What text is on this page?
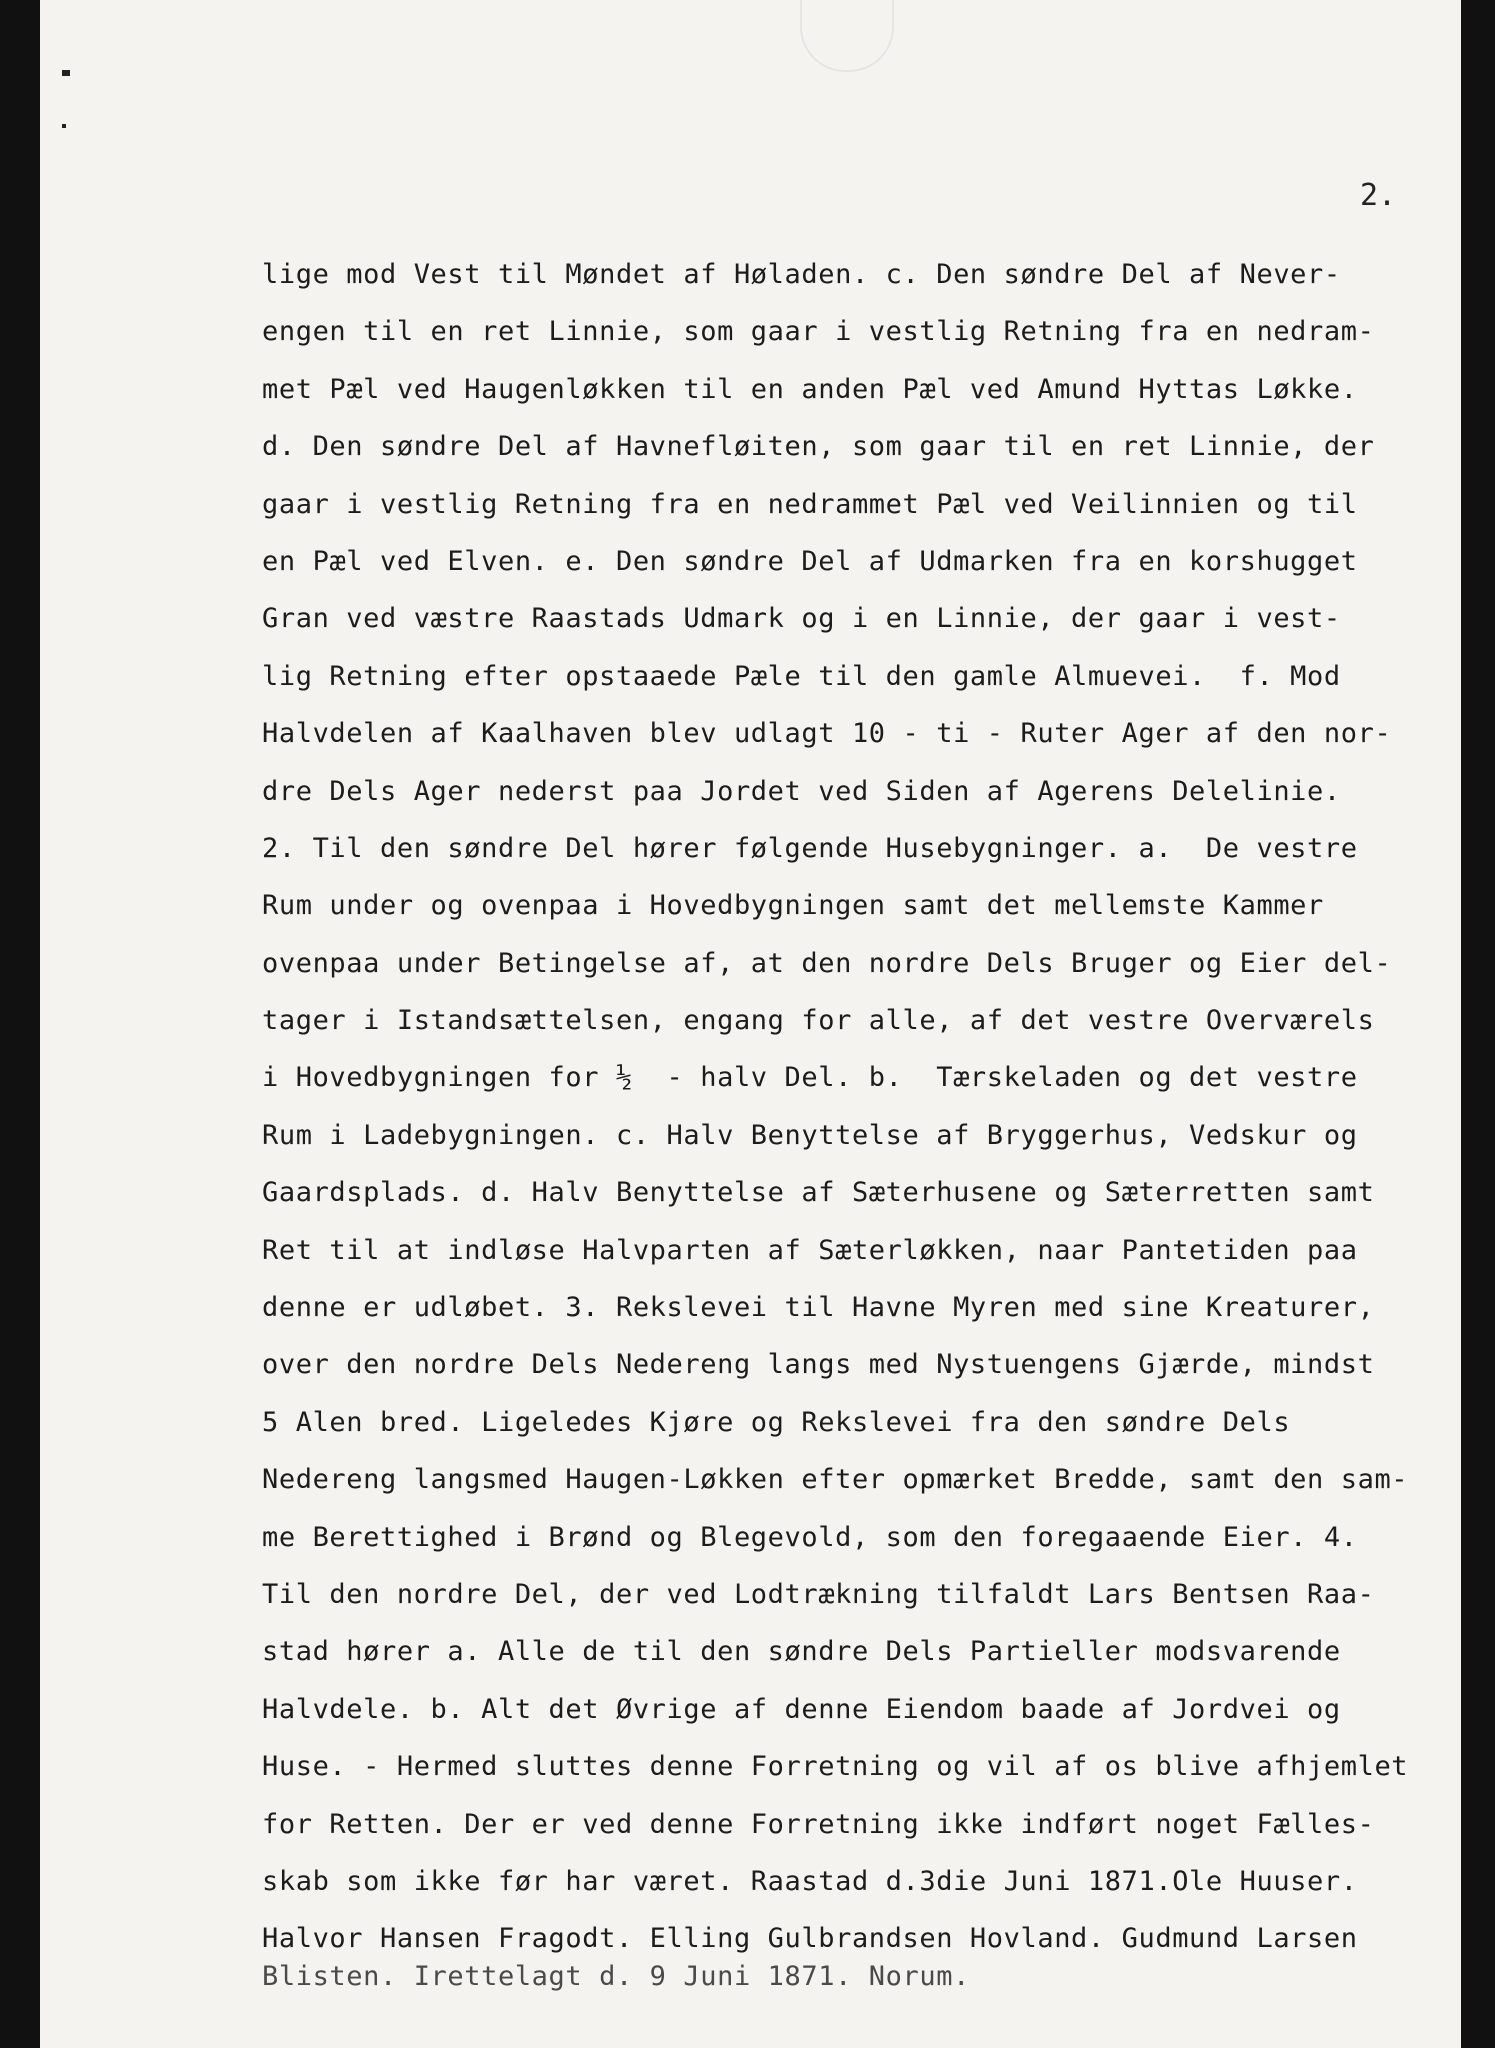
2.
lige mod Vest til Møndet af Høladen. c. Den søndre Del af Never-
engen til en ret Linnie, som gaar i vestlig Retning fra en nedram-
met Pæl ved Haugenløkken til en anden Pæl ved Amund Hyttas Løkke.
d. Den søndre Del af Havnefløiten, som gaar til en ret Linnie, der
gaar i vestlig Retning fra en nedrammet Pæl ved Veilinnien og til
en Pæl ved Elven. e. Den søndre Del af Udmarken fra en korshugget
Gran ved væstre Raastads Udmark og i en Linnie, der gaar i vest-
lig Retning efter opstaaede Pæle til den gamle Almuevei.  f. Mod
Halvdelen af Kaalhaven blev udlagt 10 - ti - Ruter Ager af den nor-
dre Dels Ager nederst paa Jordet ved Siden af Agerens Delelinie.
2. Til den søndre Del hører følgende Husebygninger. a.  De vestre
Rum under og ovenpaa i Hovedbygningen samt det mellemste Kammer
ovenpaa under Betingelse af, at den nordre Dels Bruger og Eier del-
tager i Istandsættelsen, engang for alle, af det vestre Overværels
i Hovedbygningen for ½  - halv Del. b.  Tærskeladen og det vestre
Rum i Ladebygningen. c. Halv Benyttelse af Bryggerhus, Vedskur og
Gaardsplads. d. Halv Benyttelse af Sæterhusene og Sæterretten samt
Ret til at indløse Halvparten af Sæterløkken, naar Pantetiden paa
denne er udløbet. 3. Rekslevei til Havne Myren med sine Kreaturer,
over den nordre Dels Nedereng langs med Nystuengens Gjærde, mindst
5 Alen bred. Ligeledes Kjøre og Rekslevei fra den søndre Dels
Nedereng langsmed Haugen-Løkken efter opmærket Bredde, samt den sam-
me Berettighed i Brønd og Blegevold, som den foregaaende Eier. 4.
Til den nordre Del, der ved Lodtrækning tilfaldt Lars Bentsen Raa-
stad hører a. Alle de til den søndre Dels Partieller modsvarende
Halvdele. b. Alt det Øvrige af denne Eiendom baade af Jordvei og
Huse. - Hermed sluttes denne Forretning og vil af os blive afhjemlet
for Retten. Der er ved denne Forretning ikke indført noget Fælles-
skab som ikke før har været. Raastad d.3die Juni 1871.Ole Huuser.
Halvor Hansen Fragodt. Elling Gulbrandsen Hovland. Gudmund Larsen
Blisten. Irettelagt d. 9 Juni 1871. Norum.
